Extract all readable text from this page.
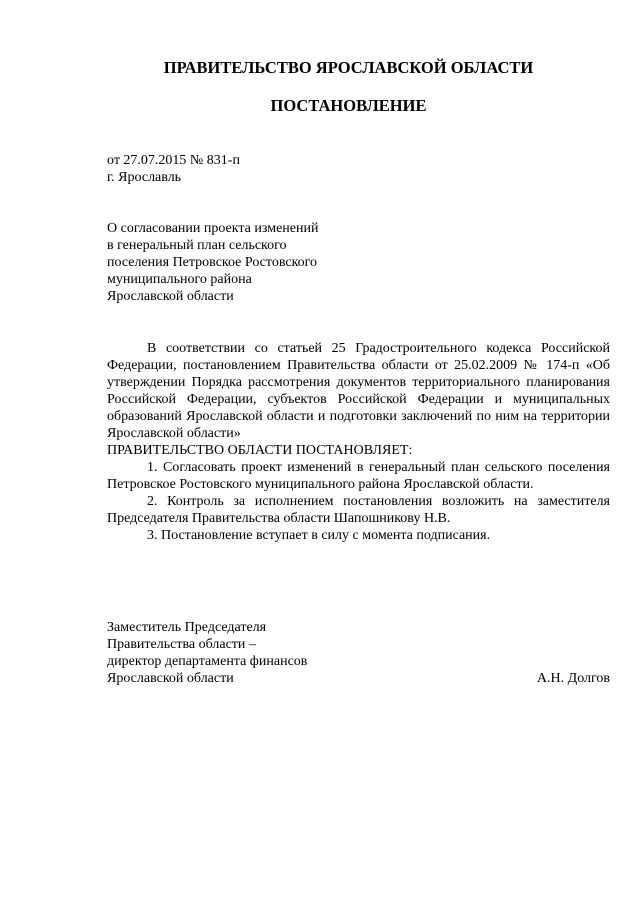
ПРАВИТЕЛЬСТВО ЯРОСЛАВСКОЙ ОБЛАСТИ
ПОСТАНОВЛЕНИЕ
от 27.07.2015 № 831-п
г. Ярославль
О согласовании проекта изменений
в генеральный план сельского
поселения Петровское Ростовского
муниципального района
Ярославской области

В соответствии со статьей 25 Градостроительного кодекса Российской Федерации, постановлением Правительства области от 25.02.2009 № 174-п «Об утверждении Порядка рассмотрения документов территориального планирования Российской Федерации, субъектов Российской Федерации и муниципальных образований Ярославской области и подготовки заключений по ним на территории Ярославской области»

ПРАВИТЕЛЬСТВО ОБЛАСТИ ПОСТАНОВЛЯЕТ:

1. Согласовать проект изменений в генеральный план сельского поселения Петровское Ростовского муниципального района Ярославской области.

2. Контроль за исполнением постановления возложить на заместителя Председателя Правительства области Шапошникову Н.В.

3. Постановление вступает в силу с момента подписания.

Заместитель Председателя
Правительства области –
директор департамента финансов
Ярославской области	А.Н. Долгов
